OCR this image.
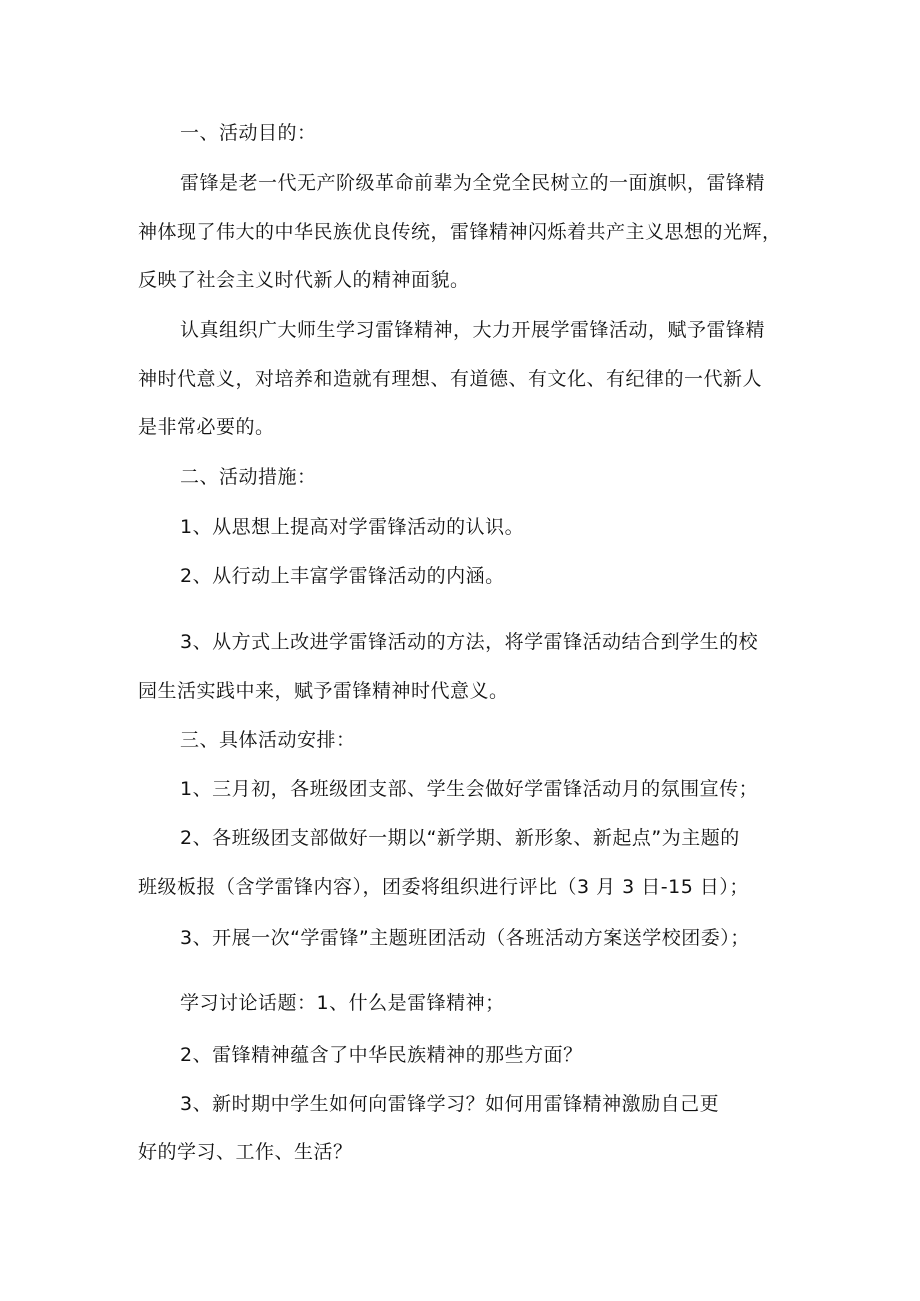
一、活动目的：
雷锋是老一代无产阶级革命前辈为全党全民树立的一面旗帜，雷锋精
神体现了伟大的中华民族优良传统，雷锋精神闪烁着共产主义思想的光辉，
反映了社会主义时代新人的精神面貌。
认真组织广大师生学习雷锋精神，大力开展学雷锋活动，赋予雷锋精
神时代意义，对培养和造就有理想、有道德、有文化、有纪律的一代新人
是非常必要的。
二、活动措施：
1、从思想上提高对学雷锋活动的认识。
2、从行动上丰富学雷锋活动的内涵。
3、从方式上改进学雷锋活动的方法，将学雷锋活动结合到学生的校
园生活实践中来，赋予雷锋精神时代意义。
三、具体活动安排：
1、三月初，各班级团支部、学生会做好学雷锋活动月的氛围宣传；
2、各班级团支部做好一期以“新学期、新形象、新起点”为主题的
班级板报（含学雷锋内容），团委将组织进行评比（3 月 3 日-15 日）；
3、开展一次“学雷锋”主题班团活动（各班活动方案送学校团委）；
学习讨论话题：1、什么是雷锋精神；
2、雷锋精神蕴含了中华民族精神的那些方面？
3、新时期中学生如何向雷锋学习？如何用雷锋精神激励自己更
好的学习、工作、生活？
